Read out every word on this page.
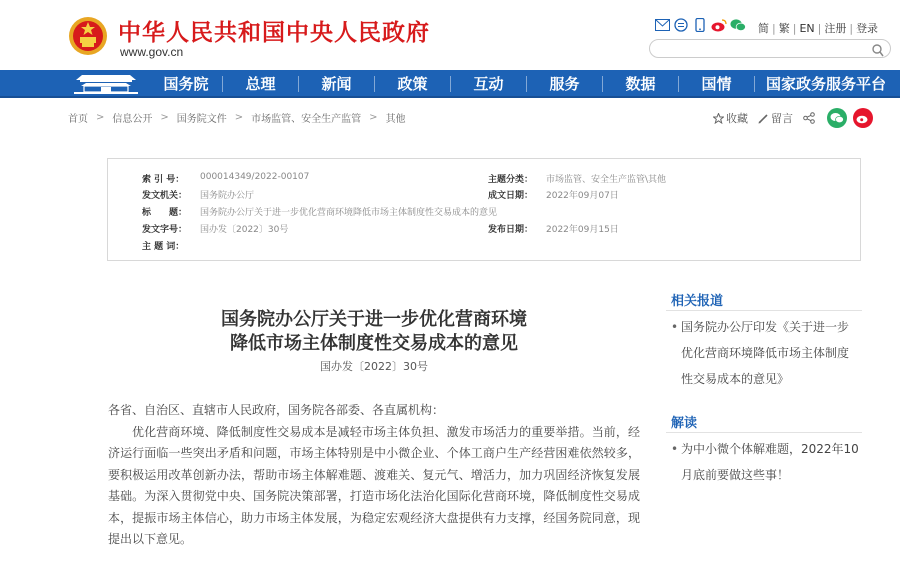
中华人民共和国中央人民政府
www.gov.cn
简 | 繁 | EN | 注册 | 登录
国务院	总理	新闻	政策	互动	服务	数据	国情	国家政务服务平台
首页 > 信息公开 > 国务院文件 > 市场监管、安全生产监管 > 其他	收藏 留言
索 引 号：	000014349/2022-00107	主题分类：	市场监管、安全生产监管\其他
发文机关：	国务院办公厅	成文日期：	2022年09月07日
标　　题：	国务院办公厅关于进一步优化营商环境降低市场主体制度性交易成本的意见
发文字号：	国办发〔2022〕30号	发布日期：	2022年09月15日
主 题 词：
国务院办公厅关于进一步优化营商环境
降低市场主体制度性交易成本的意见
国办发〔2022〕30号

各省、自治区、直辖市人民政府，国务院各部委、各直属机构：

优化营商环境、降低制度性交易成本是减轻市场主体负担、激发市场活力的重要举措。当前，经济运行面临一些突出矛盾和问题，市场主体特别是中小微企业、个体工商户生产经营困难依然较多，要积极运用改革创新办法，帮助市场主体解难题、渡难关、复元气、增活力，加力巩固经济恢复发展基础。为深入贯彻党中央、国务院决策部署，打造市场化法治化国际化营商环境，降低制度性交易成本，提振市场主体信心，助力市场主体发展，为稳定宏观经济大盘提供有力支撑，经国务院同意，现提出以下意见。

相关报道
• 国务院办公厅印发《关于进一步优化营商环境降低市场主体制度性交易成本的意见》
解读
• 为中小微个体解难题，2022年10月底前要做这些事！
